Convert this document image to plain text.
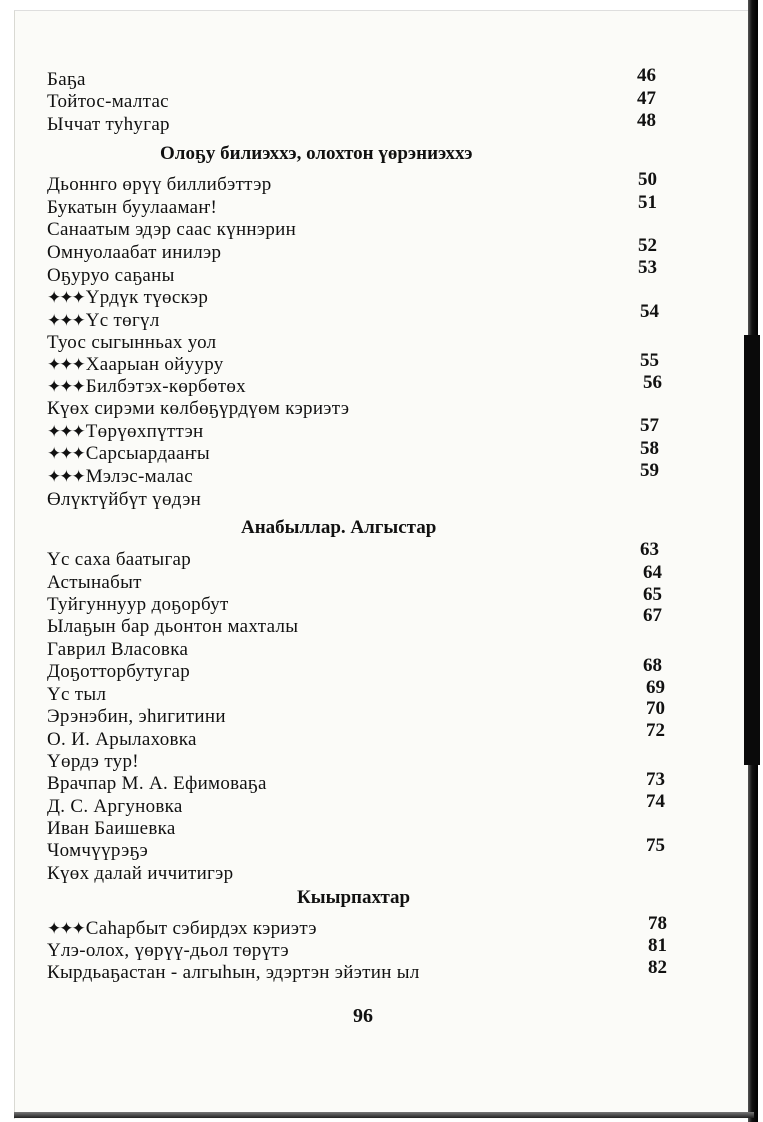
Баҕа
Тойтос-малтас
Ыччат туһугар
Олоҕу билиэххэ, олохтон үөрэниэххэ
Дьоннго өрүү биллибэттэр
Букатын буулаамаҥ!
Санаатым эдэр саас күннэрин
Омнуолаабат инилэр
Оҕуруо саҕаны
✦✦✦ Үрдүк түөскэр
✦✦✦ Үс төгүл
Туос сыгынньах уол
✦✦✦ Хаарыан ойууру
✦✦✦ Билбэтэх-көрбөтөх
Күөх сирэми көлбөҕүрдүөм кэриэтэ
✦✦✦ Төрүөхпүттэн
✦✦✦ Сарсыардааҥы
✦✦✦ Мэлэс-малас
Өлүктүйбүт үөдэн
Анабыллар. Алгыстар
Үс саха баатыгар
Астынабыт
Туйгуннуур доҕорбут
Ылаҕын бар дьонтон махталы
Гаврил Власовка
Доҕотторбутугар
Үс тыл
Эрэнэбин, эһигитини
О. И. Арылаховка
Үөрдэ тур!
Врачпар М. А. Ефимоваҕа
Д. С. Аргуновка
Иван Баишевка
Чомчүүрэҕэ
Күөх далай иччитигэр
Кыырпахтар
✦✦✦ Саһарбыт сэбирдэх кэриэтэ
Үлэ-олох, үөрүү-дьол төрүтэ
Кырдьаҕастан - алгыһын, эдэртэн эйэтин ыл
46
47
48
50
51
52
53
54
55
56
57
58
59
63
64
65
67
68
69
70
72
73
74
75
78
81
82
96
